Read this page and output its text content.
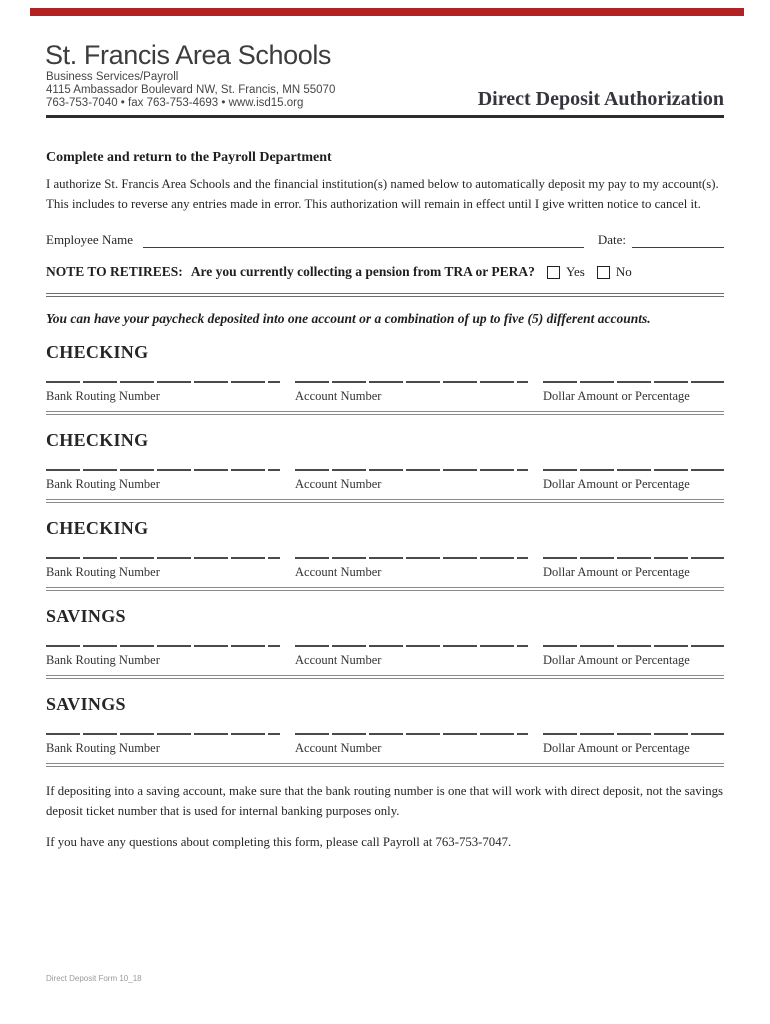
St. Francis Area Schools
Business Services/Payroll
4115 Ambassador Boulevard NW, St. Francis, MN 55070
763-753-7040 • fax 763-753-4693 • www.isd15.org	Direct Deposit Authorization
Complete and return to the Payroll Department
I authorize St. Francis Area Schools and the financial institution(s) named below to automatically deposit my pay to my account(s).
This includes to reverse any entries made in error. This authorization will remain in effect until I give written notice to cancel it.
Employee Name	Date:
NOTE TO RETIREES: Are you currently collecting a pension from TRA or PERA? Yes No
You can have your paycheck deposited into one account or a combination of up to five (5) different accounts.
CHECKING
Bank Routing Number	Account Number	Dollar Amount or Percentage
CHECKING
Bank Routing Number	Account Number	Dollar Amount or Percentage
CHECKING
Bank Routing Number	Account Number	Dollar Amount or Percentage
SAVINGS
Bank Routing Number	Account Number	Dollar Amount or Percentage
SAVINGS
Bank Routing Number	Account Number	Dollar Amount or Percentage
If depositing into a saving account, make sure that the bank routing number is one that will work with direct deposit, not the savings
deposit ticket number that is used for internal banking purposes only.
If you have any questions about completing this form, please call Payroll at 763-753-7047.
Direct Deposit Form 10_18
